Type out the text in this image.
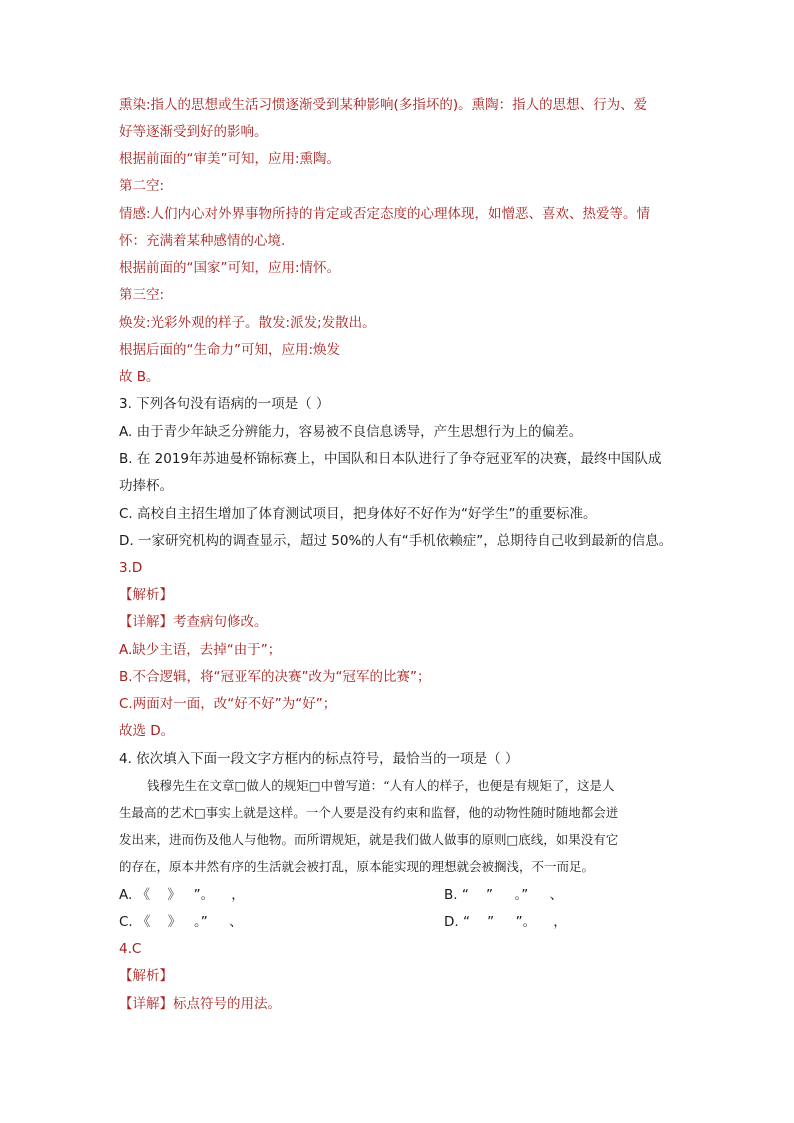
熏染:指人的思想或生活习惯逐渐受到某种影响(多指坏的)。熏陶：指人的思想、行为、爱
好等逐渐受到好的影响。
根据前面的“审美”可知，应用:熏陶。
第二空:
情感:人们内心对外界事物所持的肯定或否定态度的心理体现，如憎恶、喜欢、热爱等。情
怀：充满着某种感情的心境.
根据前面的“国家”可知，应用:情怀。
第三空:
焕发:光彩外观的样子。散发:派发;发散出。
根据后面的“生命力”可知，应用:焕发
故 B。
3. 下列各句没有语病的一项是（ ）
A. 由于青少年缺乏分辨能力，容易被不良信息诱导，产生思想行为上的偏差。
B. 在 2019年苏迪曼杯锦标赛上，中国队和日本队进行了争夺冠亚军的决赛，最终中国队成
功捧杯。
C. 高校自主招生增加了体育测试项目，把身体好不好作为“好学生”的重要标准。
D. 一家研究机构的调查显示，超过 50%的人有“手机依赖症”，总期待自己收到最新的信息。
3.D
【解析】
【详解】考查病句修改。
A.缺少主语，去掉“由于”；
B.不合逻辑，将“冠亚军的决赛”改为“冠军的比赛”；
C.两面对一面，改“好不好”为“好”；
故选 D。
4. 依次填入下面一段文字方框内的标点符号，最恰当的一项是（ ）
钱穆先生在文章□做人的规矩□中曾写道：“人有人的样子，也便是有规矩了，这是人
生最高的艺术□事实上就是这样。一个人要是没有约束和监督，他的动物性随时随地都会迸
发出来，进而伤及他人与他物。而所谓规矩，就是我们做人做事的原则□底线，如果没有它
的存在，原本井然有序的生活就会被打乱，原本能实现的理想就会被搁浅，不一而足。
A. 《    》   ”。    ，	B. “    ”     。”     、
C. 《    》   。”     、	D. “    ”     ”。    ，
4.C
【解析】
【详解】标点符号的用法。
